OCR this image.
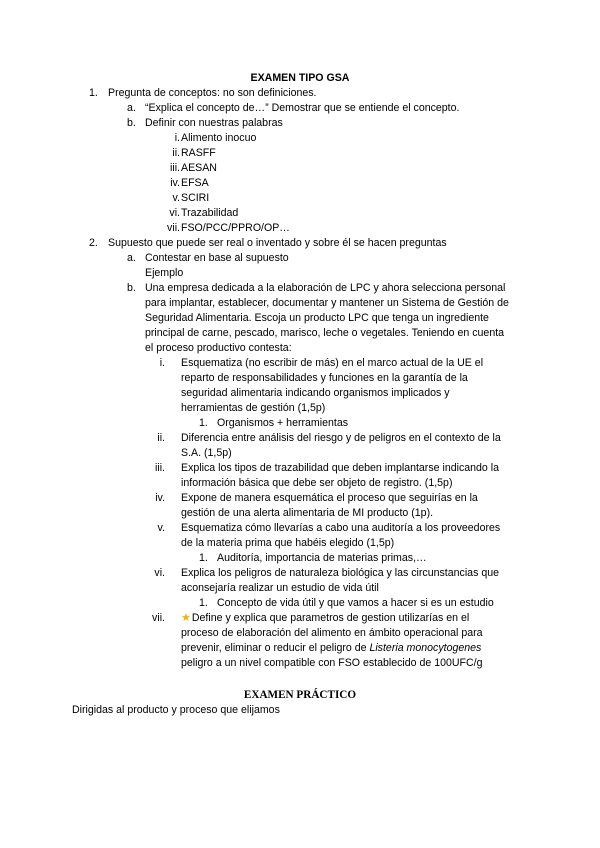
EXAMEN TIPO GSA
1. Pregunta de conceptos: no son definiciones.
a. “Explica el concepto de…” Demostrar que se entiende el concepto.
b. Definir con nuestras palabras
i. Alimento inocuo
ii. RASFF
iii. AESAN
iv. EFSA
v. SCIRI
vi. Trazabilidad
vii. FSO/PCC/PPRO/OP…
2. Supuesto que puede ser real o inventado y sobre él se hacen preguntas
a. Contestar en base al supuesto
Ejemplo
b. Una empresa dedicada a la elaboración de LPC y ahora selecciona personal
para implantar, establecer, documentar y mantener un Sistema de Gestión de
Seguridad Alimentaria. Escoja un producto LPC que tenga un ingrediente
principal de carne, pescado, marisco, leche o vegetales. Teniendo en cuenta
el proceso productivo contesta:
i. Esquematiza (no escribir de más) en el marco actual de la UE el
reparto de responsabilidades y funciones en la garantía de la
seguridad alimentaria indicando organismos implicados y
herramientas de gestión (1,5p)
1. Organismos + herramientas
ii. Diferencia entre análisis del riesgo y de peligros en el contexto de la
S.A. (1,5p)
iii. Explica los tipos de trazabilidad que deben implantarse indicando la
información básica que debe ser objeto de registro. (1,5p)
iv. Expone de manera esquemática el proceso que seguirías en la
gestión de una alerta alimentaria de MI producto (1p).
v. Esquematiza cómo llevarías a cabo una auditoría a los proveedores
de la materia prima que habéis elegido (1,5p)
1. Auditoría, importancia de materias primas,…
vi. Explica los peligros de naturaleza biológica y las circunstancias que
aconsejaría realizar un estudio de vida útil
1. Concepto de vida útil y que vamos a hacer si es un estudio
vii. ★Define y explica que parametros de gestion utilizarías en el
proceso de elaboración del alimento en ámbito operacional para
prevenir, eliminar o reducir el peligro de Listeria monocytogenes
peligro a un nivel compatible con FSO establecido de 100UFC/g
EXAMEN PRÁCTICO
Dirigidas al producto y proceso que elijamos
